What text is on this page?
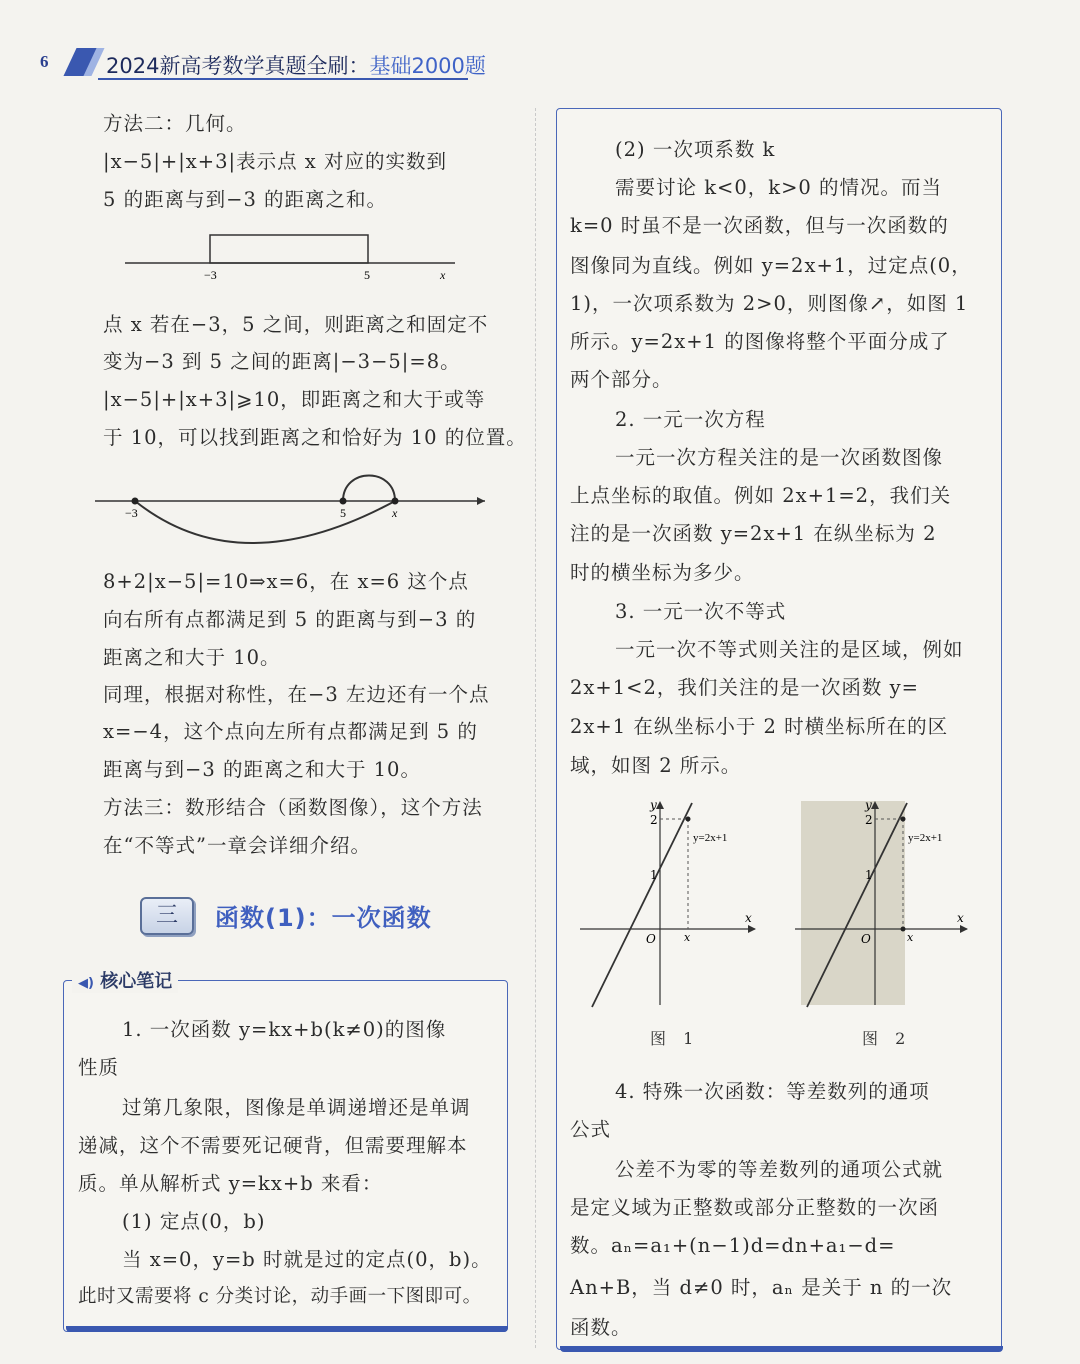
6	2024新高考数学真题全刷：基础2000题
方法二：几何。
|x−5|+|x+3|表示点 x 对应的实数到
5 的距离与到−3 的距离之和。
−3	5	x
点 x 若在−3，5 之间，则距离之和固定不
变为−3 到 5 之间的距离|−3−5|=8。
|x−5|+|x+3|⩾10，即距离之和大于或等
于 10，可以找到距离之和恰好为 10 的位置。
−3	5	x
8+2|x−5|=10⇒x=6，在 x=6 这个点
向右所有点都满足到 5 的距离与到−3 的
距离之和大于 10。
同理，根据对称性，在−3 左边还有一个点
x=−4，这个点向左所有点都满足到 5 的
距离与到−3 的距离之和大于 10。
方法三：数形结合（函数图像），这个方法
在“不等式”一章会详细介绍。
三	函数(1)：一次函数
◀) 核心笔记
1. 一次函数 y=kx+b(k≠0)的图像
性质
过第几象限，图像是单调递增还是单调
递减，这个不需要死记硬背，但需要理解本
质。单从解析式 y=kx+b 来看：
(1) 定点(0，b)
当 x=0，y=b 时就是过的定点(0，b)。
此时又需要将 c 分类讨论，动手画一下图即可。
(2) 一次项系数 k
需要讨论 k<0，k>0 的情况。而当
k=0 时虽不是一次函数，但与一次函数的
图像同为直线。例如 y=2x+1，过定点(0，
1)，一次项系数为 2>0，则图像↗，如图 1
所示。y=2x+1 的图像将整个平面分成了
两个部分。
2. 一元一次方程
一元一次方程关注的是一次函数图像
上点坐标的取值。例如 2x+1=2，我们关
注的是一次函数 y=2x+1 在纵坐标为 2
时的横坐标为多少。
3. 一元一次不等式
一元一次不等式则关注的是区域，例如
2x+1<2，我们关注的是一次函数 y=
2x+1 在纵坐标小于 2 时横坐标所在的区
域，如图 2 所示。
y
x
O
2
1
x
y=2x+1
图 1
y
x
O
2
1
x
y=2x+1
图 2
4. 特殊一次函数：等差数列的通项
公式
公差不为零的等差数列的通项公式就
是定义域为正整数或部分正整数的一次函
数。aₙ=a₁+(n−1)d=dn+a₁−d=
An+B，当 d≠0 时，aₙ 是关于 n 的一次
函数。
